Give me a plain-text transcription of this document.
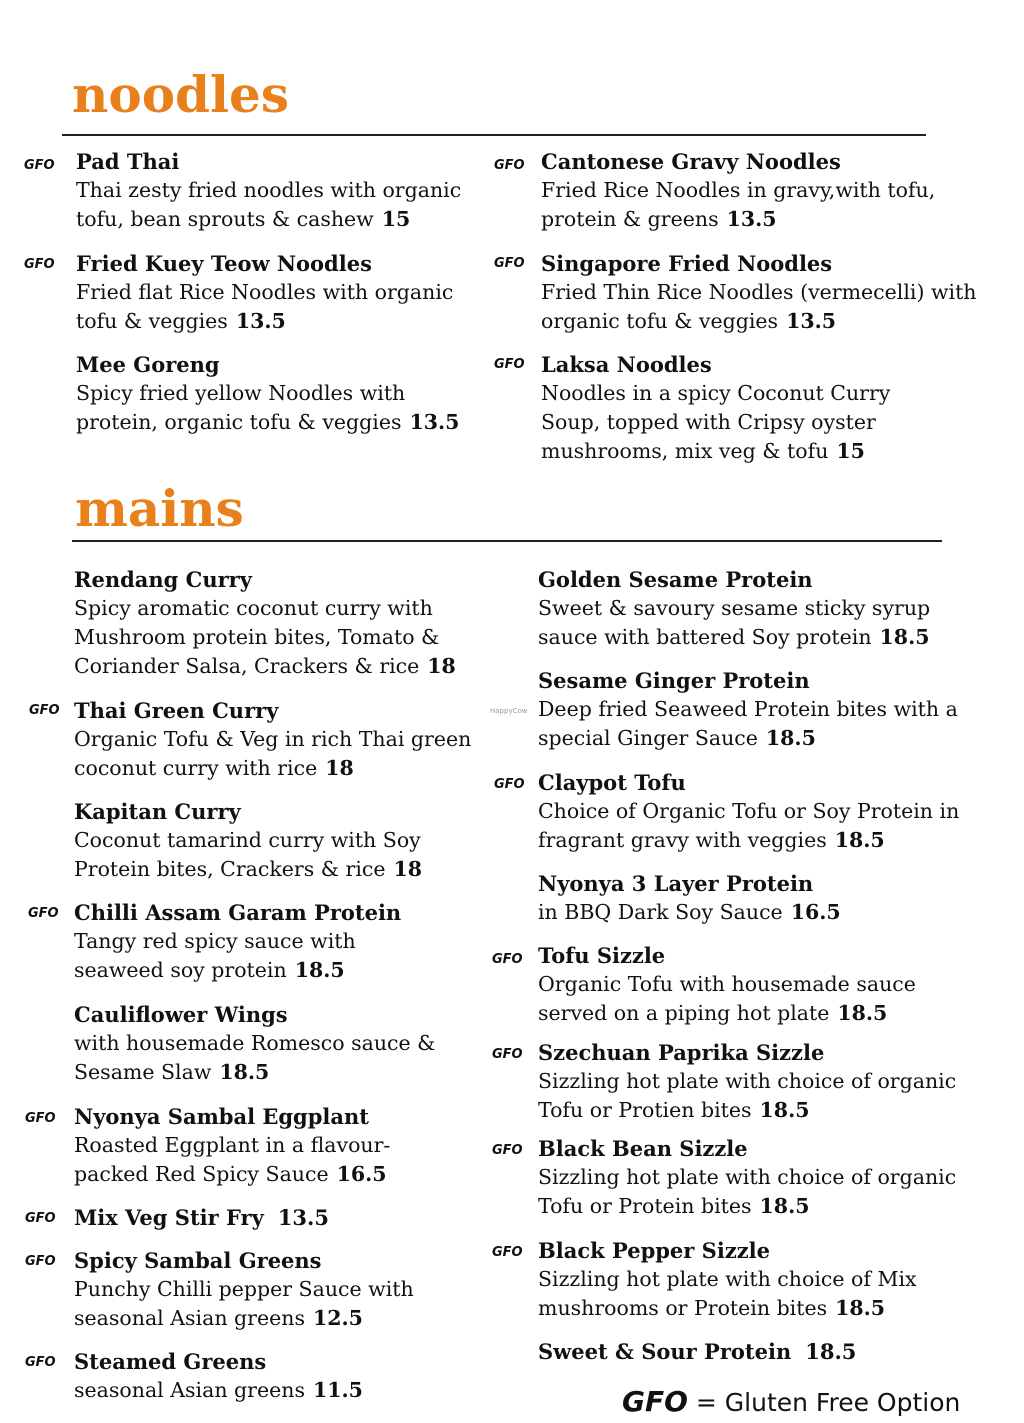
noodles
GFO Pad Thai
Thai zesty fried noodles with organic tofu, bean sprouts & cashew 15
GFO Fried Kuey Teow Noodles
Fried flat Rice Noodles with organic tofu & veggies 13.5
Mee Goreng
Spicy fried yellow Noodles with protein, organic tofu & veggies 13.5
GFO Cantonese Gravy Noodles
Fried Rice Noodles in gravy,with tofu, protein & greens 13.5
GFO Singapore Fried Noodles
Fried Thin Rice Noodles (vermecelli) with organic tofu & veggies 13.5
GFO Laksa Noodles
Noodles in a spicy Coconut Curry Soup, topped with Cripsy oyster mushrooms, mix veg & tofu 15
mains
Rendang Curry
Spicy aromatic coconut curry with Mushroom protein bites, Tomato & Coriander Salsa, Crackers & rice 18
GFO Thai Green Curry
Organic Tofu & Veg in rich Thai green coconut curry with rice 18
Kapitan Curry
Coconut tamarind curry with Soy Protein bites, Crackers & rice 18
GFO Chilli Assam Garam Protein
Tangy red spicy sauce with seaweed soy protein 18.5
Cauliflower Wings
with housemade Romesco sauce & Sesame Slaw 18.5
GFO Nyonya Sambal Eggplant
Roasted Eggplant in a flavour-packed Red Spicy Sauce 16.5
GFO Mix Veg Stir Fry 13.5
GFO Spicy Sambal Greens
Punchy Chilli pepper Sauce with seasonal Asian greens 12.5
GFO Steamed Greens
seasonal Asian greens 11.5
Golden Sesame Protein
Sweet & savoury sesame sticky syrup sauce with battered Soy protein 18.5
Sesame Ginger Protein
Deep fried Seaweed Protein bites with a special Ginger Sauce 18.5
GFO Claypot Tofu
Choice of Organic Tofu or Soy Protein in fragrant gravy with veggies 18.5
Nyonya 3 Layer Protein
in BBQ Dark Soy Sauce 16.5
GFO Tofu Sizzle
Organic Tofu with housemade sauce served on a piping hot plate 18.5
GFO Szechuan Paprika Sizzle
Sizzling hot plate with choice of organic Tofu or Protien bites 18.5
GFO Black Bean Sizzle
Sizzling hot plate with choice of organic Tofu or Protein bites 18.5
GFO Black Pepper Sizzle
Sizzling hot plate with choice of Mix mushrooms or Protein bites 18.5
Sweet & Sour Protein 18.5
HappyCow
GFO = Gluten Free Option
